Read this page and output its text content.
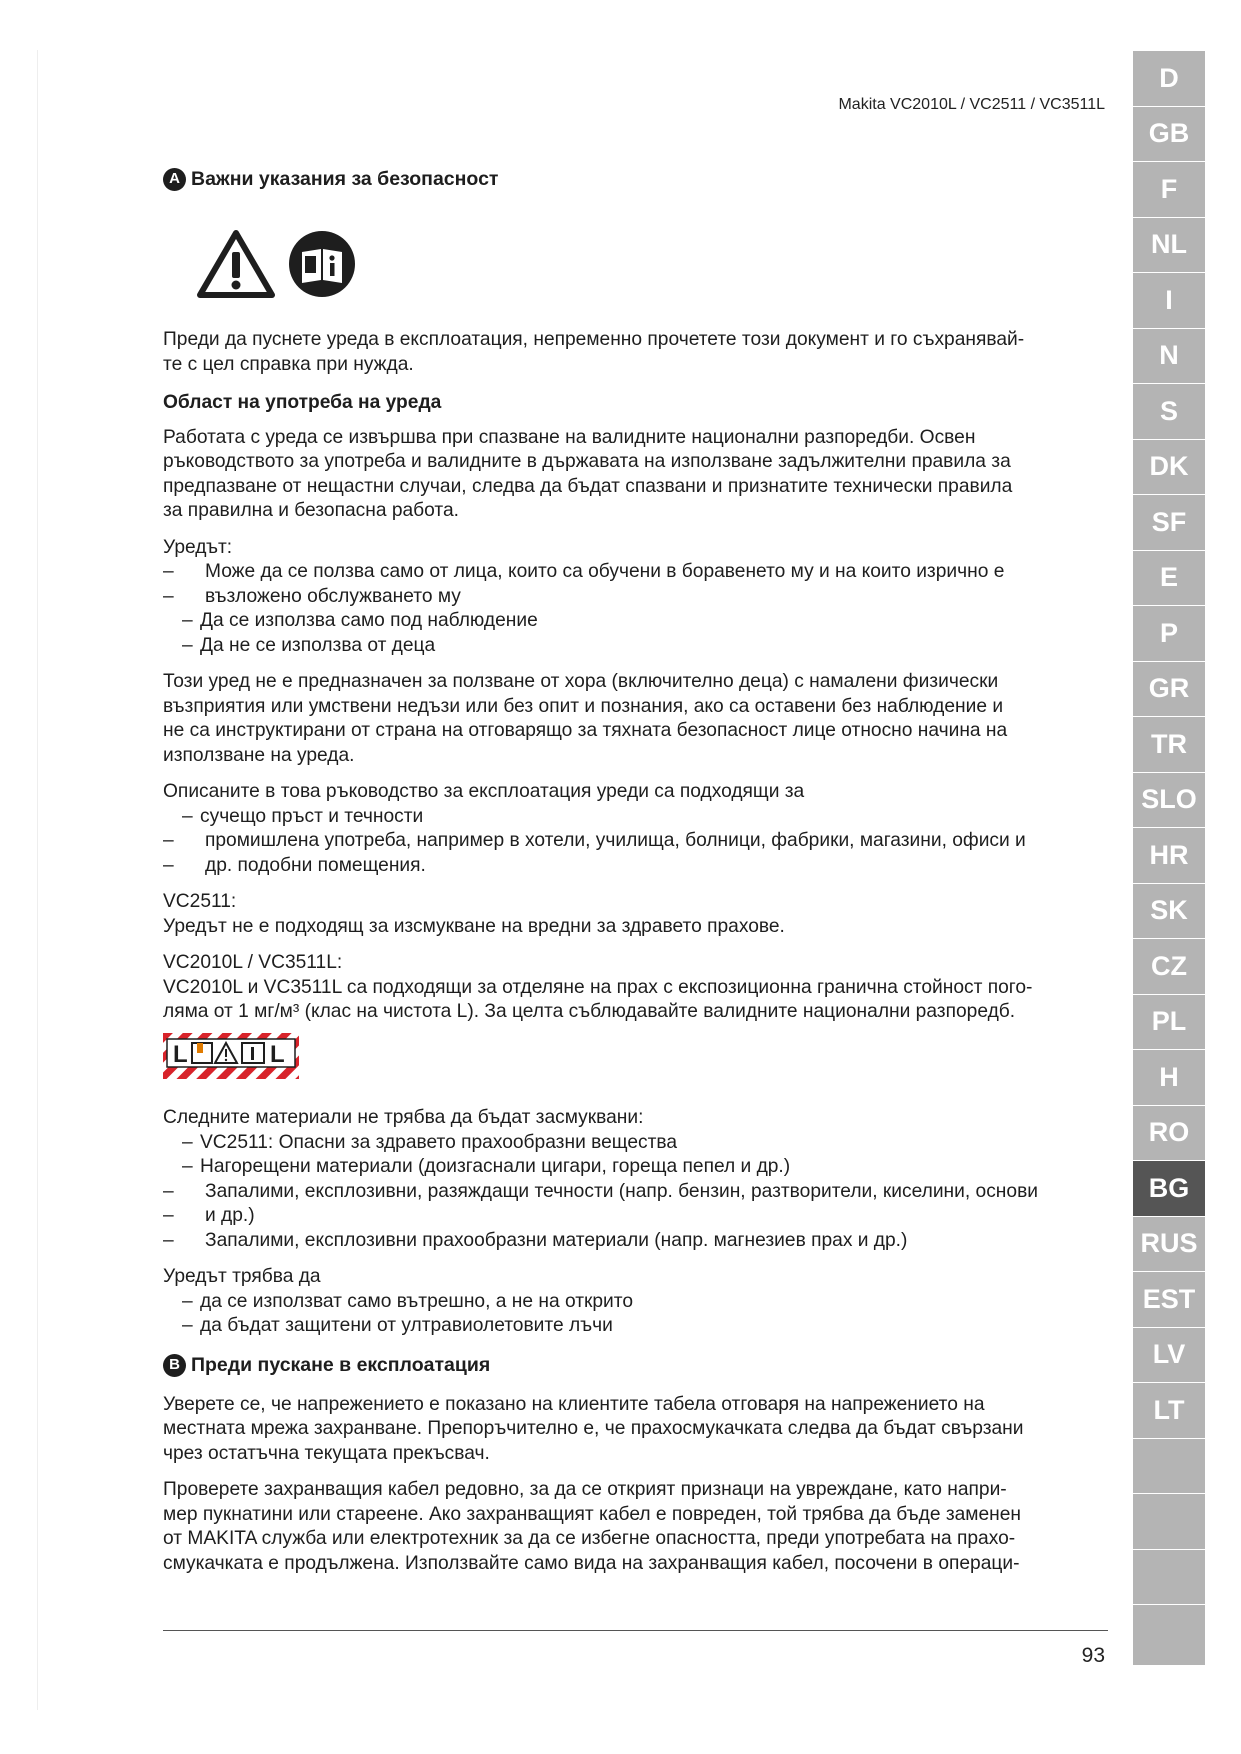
Makita VC2010L / VC2511 / VC3511L
A Важни указания за безопасност

Преди да пуснете уреда в експлоатация, непременно прочетете този документ и го съхранявай-

те с цел справка при нужда.

Област на употреба на уреда

Работата с уреда се извършва при спазване на валидните национални разпоредби. Освен

ръководството за употреба и валидните в държавата на използване задължителни правила за

предпазване от нещастни случаи, следва да бъдат спазвани и признатите технически правила

за правилна и безопасна работа.

Уредът:

– Може да се ползва само от лица, които са обучени в боравенето му и на които изрично е
– възложено обслужването му
– Да се използва само под наблюдение
– Да не се използва от деца

Този уред не е предназначен за ползване от хора (включително деца) с намалени физически

възприятия или умствени недъзи или без опит и познания, ако са оставени без наблюдение и

не са инструктирани от страна на отговарящо за тяхната безопасност лице относно начина на

използване на уреда.

Описаните в това ръководство за експлоатация уреди са подходящи за

– сучещо пръст и течности
– промишлена употреба, например в хотели, училища, болници, фабрики, магазини, офиси и
– др. подобни помещения.

VC2511:

Уредът не е подходящ за изсмукване на вредни за здравето прахове.

VC2010L / VC3511L:

VC2010L и VC3511L са подходящи за отделяне на прах с експозиционна гранична стойност пого-

ляма от 1 мг/м³ (клас на чистота L). За целта съблюдавайте валидните национални разпоредб.

L	L

Следните материали не трябва да бъдат засмуквани:

– VC2511: Опасни за здравето прахообразни вещества
– Нагорещени материали (доизгаснали цигари, гореща пепел и др.)
– Запалими, експлозивни, разяждащи течности (напр. бензин, разтворители, киселини, основи
– и др.)
– Запалими, експлозивни прахообразни материали (напр. магнезиев прах и др.)

Уредът трябва да

– да се използват само вътрешно, а не на открито
– да бъдат защитени от ултравиолетовите лъчи
B Преди пускане в експлоатация

Уверете се, че напрежението е показано на клиентите табела отговаря на напрежението на

местната мрежа захранване. Препоръчително е, че прахосмукачката следва да бъдат свързани

чрез остатъчна текущата прекъсвач.

Проверете захранващия кабел редовно, за да се открият признаци на увреждане, като напри-

мер пукнатини или стареене. Ако захранващият кабел е повреден, той трябва да бъде заменен

от MAKITA служба или електротехник за да се избегне опасността, преди употребата на прахо-

смукачката е продължена. Използвайте само вида на захранващия кабел, посочени в операци-

93
D
GB
F
NL
I
N
S
DK
SF
E
P
GR
TR
SLO
HR
SK
CZ
PL
H
RO
BG
RUS
EST
LV
LT
